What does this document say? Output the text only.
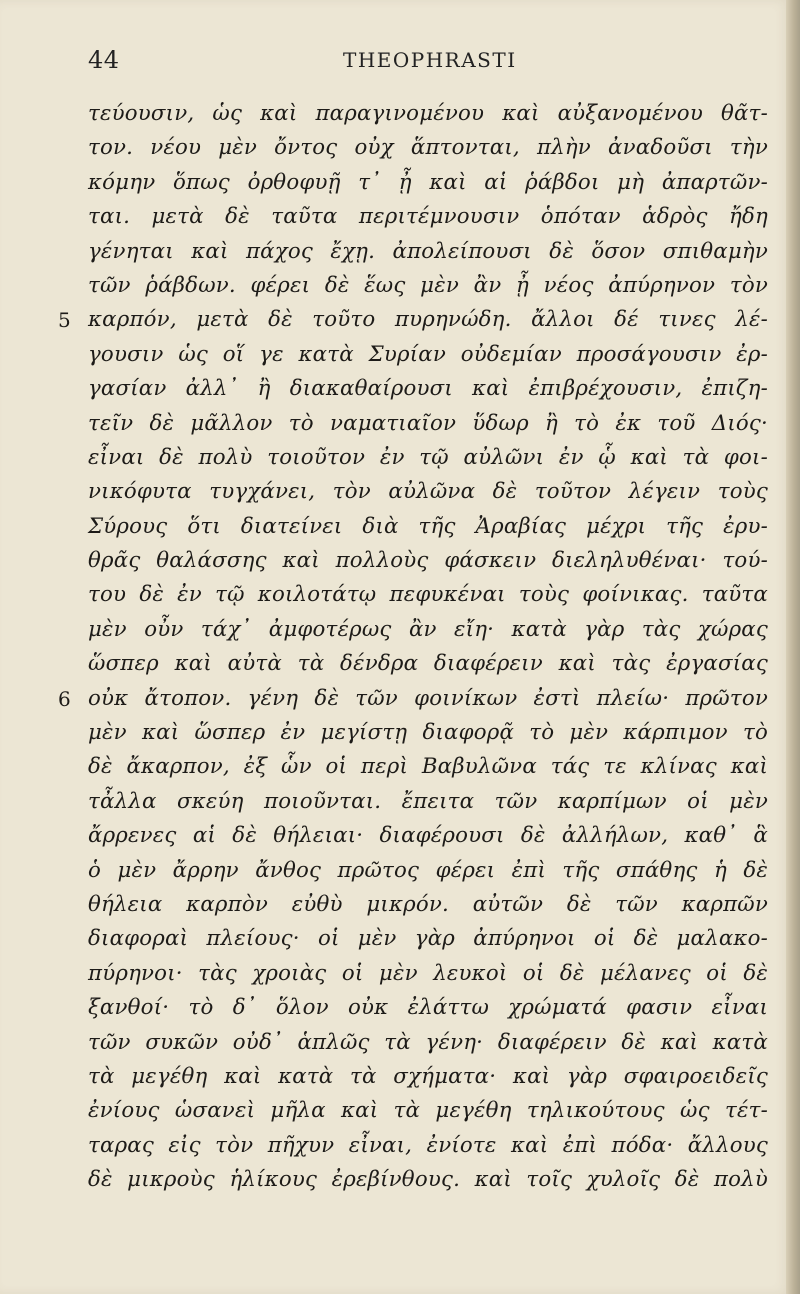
44	THEOPHRASTI
τεύουσιν, ὡς καὶ παραγινομένου καὶ αὐξανομένου θᾶτ-
τον. νέου μὲν ὄντος οὐχ ἅπτονται, πλὴν ἀναδοῦσι τὴν
κόμην ὅπως ὀρθοφυῇ τ᾽ ᾖ καὶ αἱ ῥάβδοι μὴ ἀπαρτῶν-
ται. μετὰ δὲ ταῦτα περιτέμνουσιν ὁπόταν ἁδρὸς ἤδη
γένηται καὶ πάχος ἔχῃ. ἀπολείπουσι δὲ ὅσον σπιθαμὴν
τῶν ῥάβδων. φέρει δὲ ἕως μὲν ἂν ᾖ νέος ἀπύρηνον τὸν
5 καρπόν, μετὰ δὲ τοῦτο πυρηνώδη. ἄλλοι δέ τινες λέ-
γουσιν ὡς οἵ γε κατὰ Συρίαν οὐδεμίαν προσάγουσιν ἐρ-
γασίαν ἀλλ᾽ ἢ διακαθαίρουσι καὶ ἐπιβρέχουσιν, ἐπιζη-
τεῖν δὲ μᾶλλον τὸ ναματιαῖον ὕδωρ ἢ τὸ ἐκ τοῦ Διός·
εἶναι δὲ πολὺ τοιοῦτον ἐν τῷ αὐλῶνι ἐν ᾧ καὶ τὰ φοι-
νικόφυτα τυγχάνει, τὸν αὐλῶνα δὲ τοῦτον λέγειν τοὺς
Σύρους ὅτι διατείνει διὰ τῆς Ἀραβίας μέχρι τῆς ἐρυ-
θρᾶς θαλάσσης καὶ πολλοὺς φάσκειν διεληλυθέναι· τού-
του δὲ ἐν τῷ κοιλοτάτῳ πεφυκέναι τοὺς φοίνικας. ταῦτα
μὲν οὖν τάχ᾽ ἀμφοτέρως ἂν εἴη· κατὰ γὰρ τὰς χώρας
ὥσπερ καὶ αὐτὰ τὰ δένδρα διαφέρειν καὶ τὰς ἐργασίας
6 οὐκ ἄτοπον. γένη δὲ τῶν φοινίκων ἐστὶ πλείω· πρῶτον
μὲν καὶ ὥσπερ ἐν μεγίστῃ διαφορᾷ τὸ μὲν κάρπιμον τὸ
δὲ ἄκαρπον, ἐξ ὧν οἱ περὶ Βαβυλῶνα τάς τε κλίνας καὶ
τἆλλα σκεύη ποιοῦνται. ἔπειτα τῶν καρπίμων οἱ μὲν
ἄρρενες αἱ δὲ θήλειαι· διαφέρουσι δὲ ἀλλήλων, καθ᾽ ἃ
ὁ μὲν ἄρρην ἄνθος πρῶτος φέρει ἐπὶ τῆς σπάθης ἡ δὲ
θήλεια καρπὸν εὐθὺ μικρόν. αὐτῶν δὲ τῶν καρπῶν
διαφοραὶ πλείους· οἱ μὲν γὰρ ἀπύρηνοι οἱ δὲ μαλακο-
πύρηνοι· τὰς χροιὰς οἱ μὲν λευκοὶ οἱ δὲ μέλανες οἱ δὲ
ξανθοί· τὸ δ᾽ ὅλον οὐκ ἐλάττω χρώματά φασιν εἶναι
τῶν συκῶν οὐδ᾽ ἁπλῶς τὰ γένη· διαφέρειν δὲ καὶ κατὰ
τὰ μεγέθη καὶ κατὰ τὰ σχήματα· καὶ γὰρ σφαιροειδεῖς
ἐνίους ὡσανεὶ μῆλα καὶ τὰ μεγέθη τηλικούτους ὡς τέτ-
ταρας εἰς τὸν πῆχυν εἶναι, ἐνίοτε καὶ ἐπὶ πόδα· ἄλλους
δὲ μικροὺς ἡλίκους ἐρεβίνθους. καὶ τοῖς χυλοῖς δὲ πολὺ
